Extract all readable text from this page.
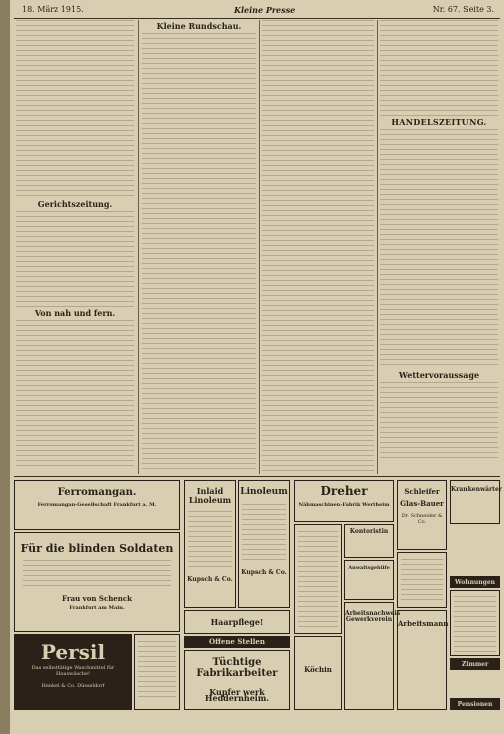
18. März 1915.	Kleine Presse	Nr. 67. Seite 3.
Gerichtszeitung.
Von nah und fern.
Kleine Rundschau.
HANDELSZEITUNG.
Wettervoraussage
Ferromangan.
Ferromangan-Gesellschaft Frankfurt a. M.
Für die blinden Soldaten
Frau von Schenck
Frankfurt am Main.
Persil
Das selbsttätige Waschmittel für Hauswäsche!
Henkel & Co. Düsseldorf
Inlaid Linoleum
Kupsch & Co.
Linoleum
Kupsch & Co.
Haarpflege!
Offene Stellen
Tüchtige Fabrikarbeiter
Kupfer werk Heddernheim.
Dreher
Nähmaschinen-Fabrik Wertheim
Kontoristin
Anwaltsgehilfe
Köchin
Arbeitsnachweis Gewerkverein
Schleifer
Glas-Bauer
Dr. Schneider & Co.
Arbeitsmann
Krankenwärter
Wohnungen
Zimmer
Pensionen
